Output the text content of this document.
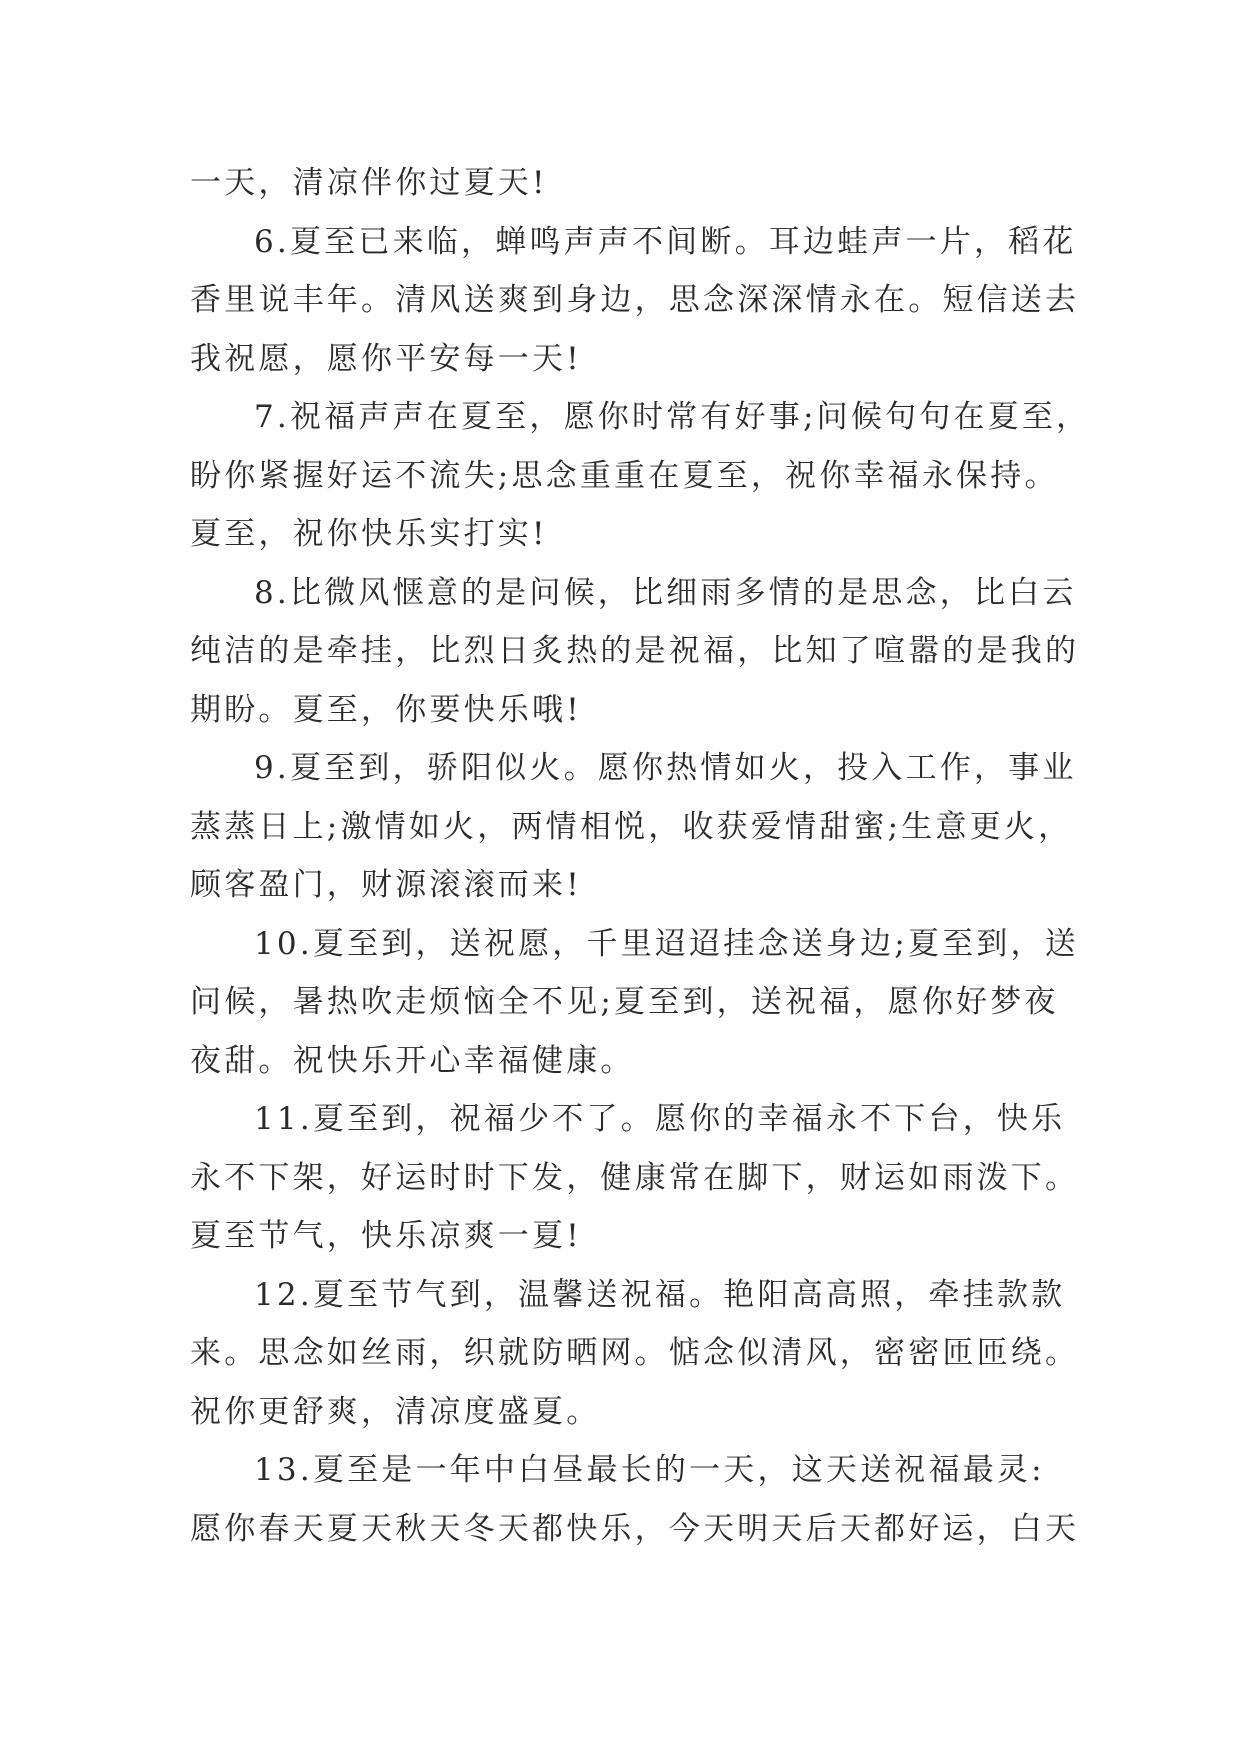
一天，清凉伴你过夏天!
6.夏至已来临，蝉鸣声声不间断。耳边蛙声一片，稻花
香里说丰年。清风送爽到身边，思念深深情永在。短信送去
我祝愿，愿你平安每一天!
7.祝福声声在夏至，愿你时常有好事;问候句句在夏至，
盼你紧握好运不流失;思念重重在夏至，祝你幸福永保持。
夏至，祝你快乐实打实!
8.比微风惬意的是问候，比细雨多情的是思念，比白云
纯洁的是牵挂，比烈日炙热的是祝福，比知了喧嚣的是我的
期盼。夏至，你要快乐哦!
9.夏至到，骄阳似火。愿你热情如火，投入工作，事业
蒸蒸日上;激情如火，两情相悦，收获爱情甜蜜;生意更火，
顾客盈门，财源滚滚而来!
10.夏至到，送祝愿，千里迢迢挂念送身边;夏至到，送
问候，暑热吹走烦恼全不见;夏至到，送祝福，愿你好梦夜
夜甜。祝快乐开心幸福健康。
11.夏至到，祝福少不了。愿你的幸福永不下台，快乐
永不下架，好运时时下发，健康常在脚下，财运如雨泼下。
夏至节气，快乐凉爽一夏!
12.夏至节气到，温馨送祝福。艳阳高高照，牵挂款款
来。思念如丝雨，织就防晒网。惦念似清风，密密匝匝绕。
祝你更舒爽，清凉度盛夏。
13.夏至是一年中白昼最长的一天，这天送祝福最灵:
愿你春天夏天秋天冬天都快乐，今天明天后天都好运，白天
